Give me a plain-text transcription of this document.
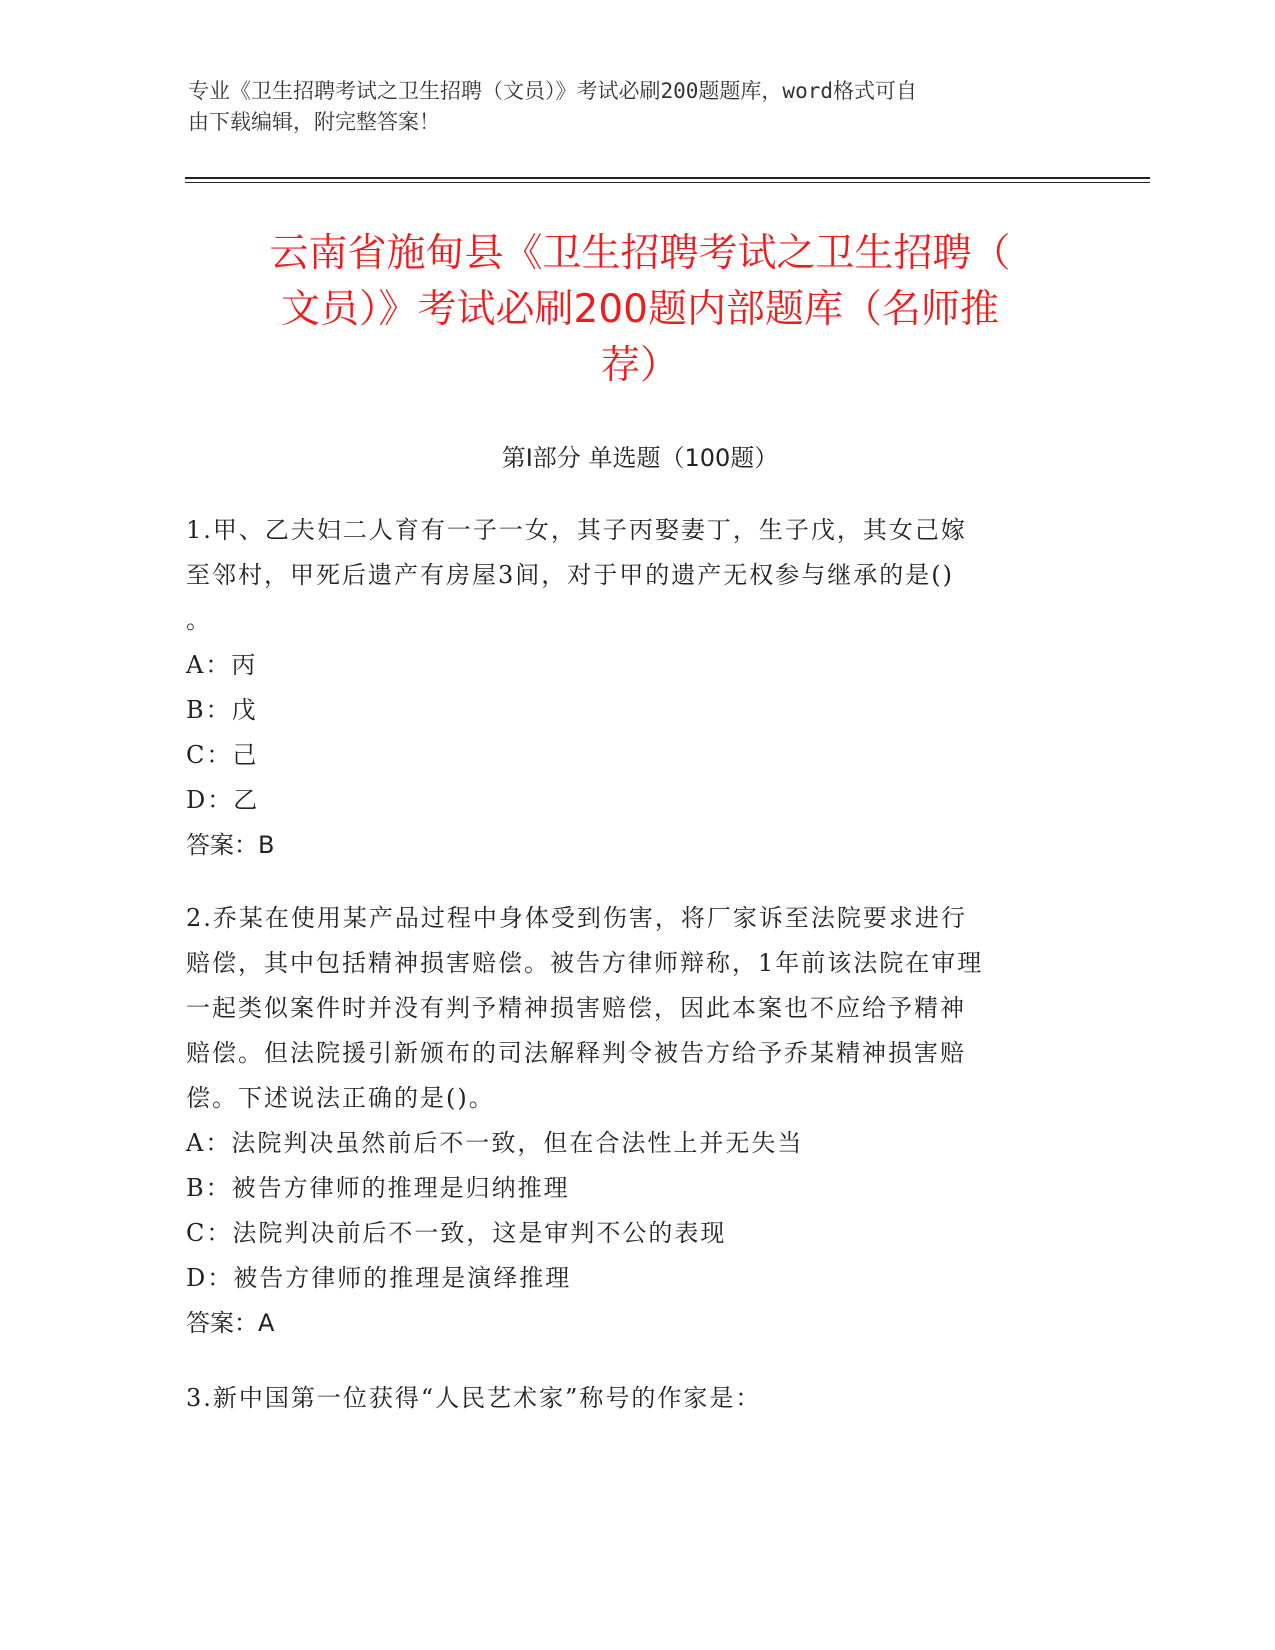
专业《卫生招聘考试之卫生招聘（文员）》考试必刷200题题库，word格式可自
由下载编辑，附完整答案！
云南省施甸县《卫生招聘考试之卫生招聘（
文员）》考试必刷200题内部题库（名师推
荐）
第Ⅰ部分 单选题（100题）
1.甲、乙夫妇二人育有一子一女，其子丙娶妻丁，生子戊，其女己嫁
至邻村，甲死后遗产有房屋3间，对于甲的遗产无权参与继承的是()
。
A：丙
B：戊
C：己
D：乙
答案：B
2.乔某在使用某产品过程中身体受到伤害，将厂家诉至法院要求进行
赔偿，其中包括精神损害赔偿。被告方律师辩称，1年前该法院在审理
一起类似案件时并没有判予精神损害赔偿，因此本案也不应给予精神
赔偿。但法院援引新颁布的司法解释判令被告方给予乔某精神损害赔
偿。下述说法正确的是()。
A：法院判决虽然前后不一致，但在合法性上并无失当
B：被告方律师的推理是归纳推理
C：法院判决前后不一致，这是审判不公的表现
D：被告方律师的推理是演绎推理
答案：A
3.新中国第一位获得“人民艺术家”称号的作家是：
